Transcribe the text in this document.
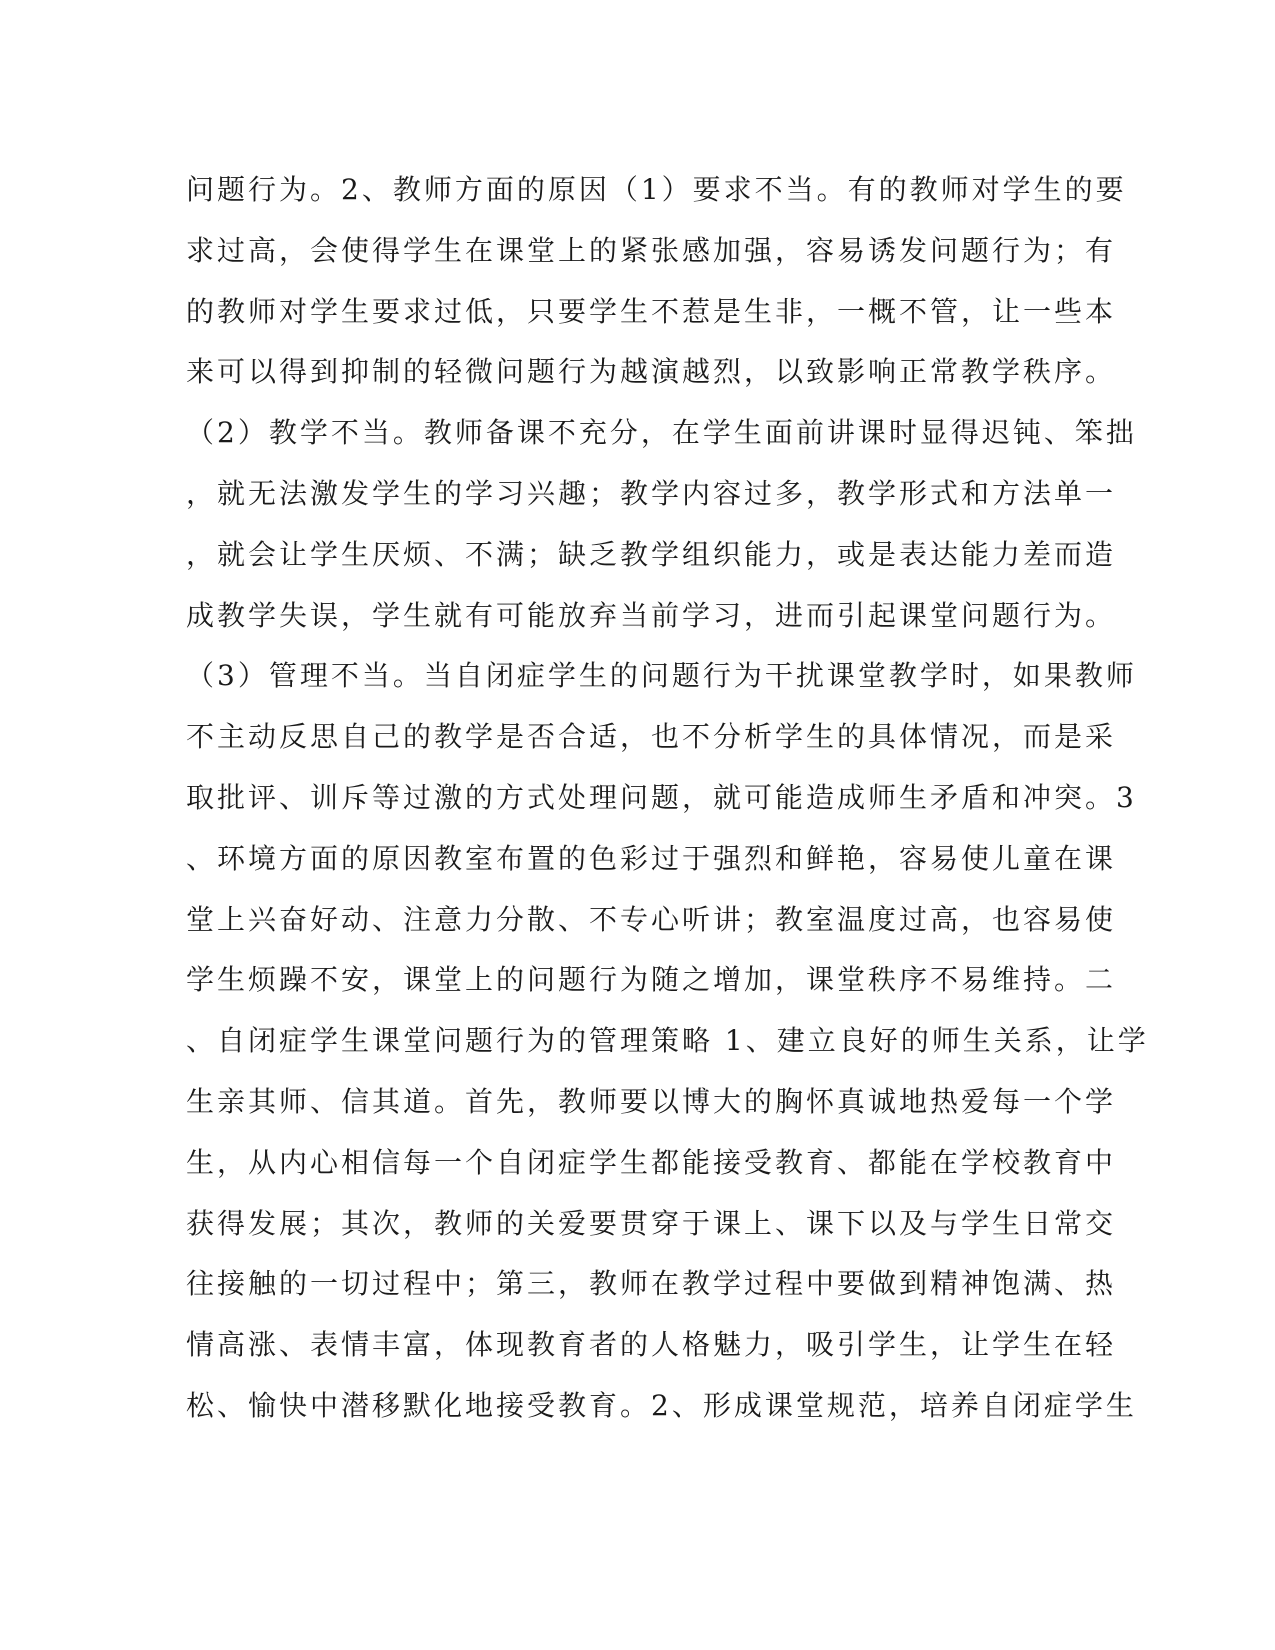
问题行为。2、教师方面的原因（1）要求不当。有的教师对学生的要
求过高，会使得学生在课堂上的紧张感加强，容易诱发问题行为；有
的教师对学生要求过低，只要学生不惹是生非，一概不管，让一些本
来可以得到抑制的轻微问题行为越演越烈，以致影响正常教学秩序。
（2）教学不当。教师备课不充分，在学生面前讲课时显得迟钝、笨拙
，就无法激发学生的学习兴趣；教学内容过多，教学形式和方法单一
，就会让学生厌烦、不满；缺乏教学组织能力，或是表达能力差而造
成教学失误，学生就有可能放弃当前学习，进而引起课堂问题行为。
（3）管理不当。当自闭症学生的问题行为干扰课堂教学时，如果教师
不主动反思自己的教学是否合适，也不分析学生的具体情况，而是采
取批评、训斥等过激的方式处理问题，就可能造成师生矛盾和冲突。3
、环境方面的原因教室布置的色彩过于强烈和鲜艳，容易使儿童在课
堂上兴奋好动、注意力分散、不专心听讲；教室温度过高，也容易使
学生烦躁不安，课堂上的问题行为随之增加，课堂秩序不易维持。二
、自闭症学生课堂问题行为的管理策略 1、建立良好的师生关系，让学
生亲其师、信其道。首先，教师要以博大的胸怀真诚地热爱每一个学
生，从内心相信每一个自闭症学生都能接受教育、都能在学校教育中
获得发展；其次，教师的关爱要贯穿于课上、课下以及与学生日常交
往接触的一切过程中；第三，教师在教学过程中要做到精神饱满、热
情高涨、表情丰富，体现教育者的人格魅力，吸引学生，让学生在轻
松、愉快中潜移默化地接受教育。2、形成课堂规范，培养自闭症学生
